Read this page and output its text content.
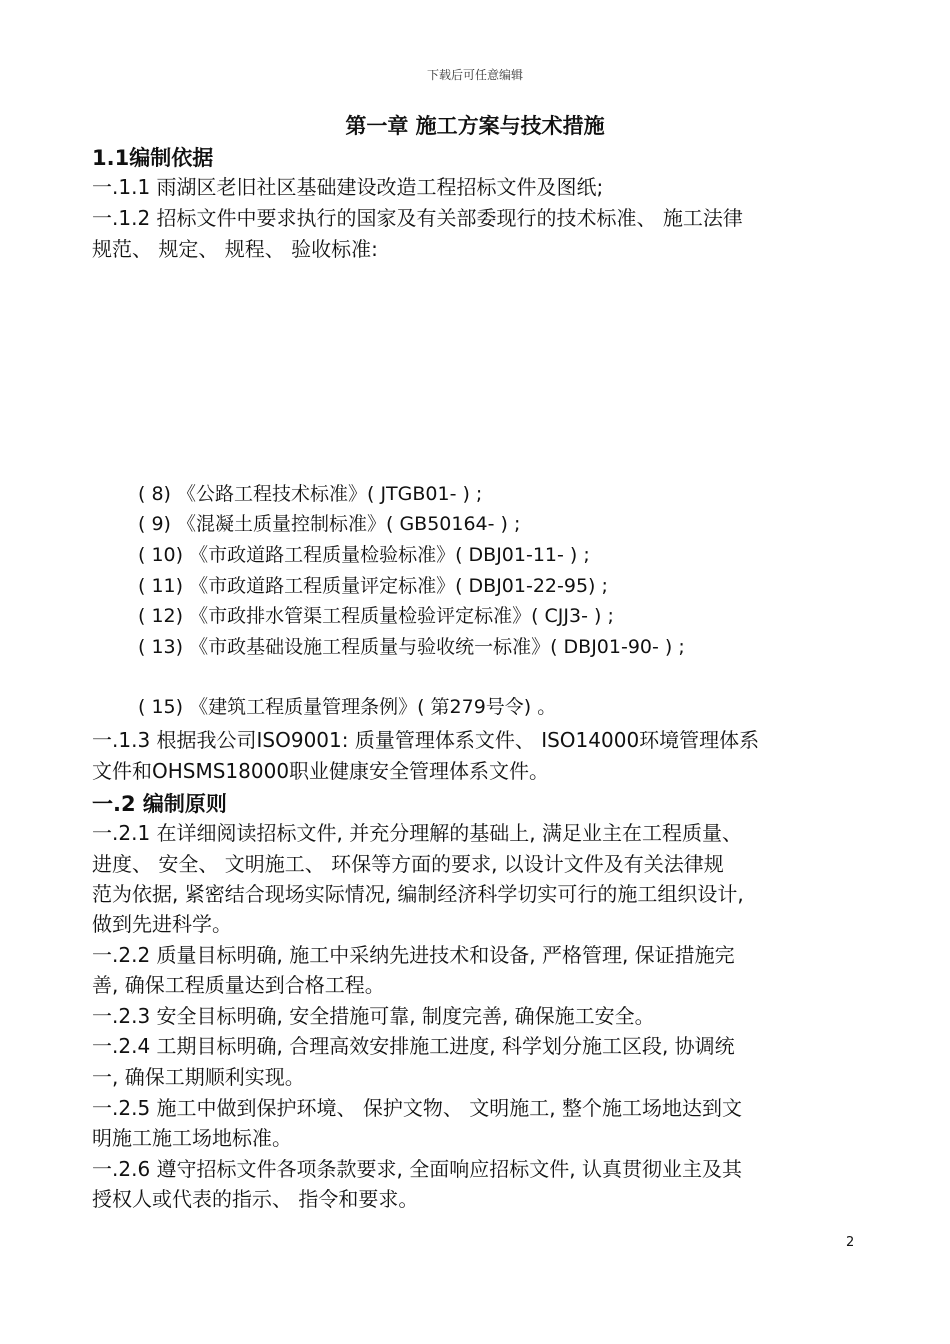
下载后可任意编辑
第一章 施工方案与技术措施
1.1编制依据
一.1.1 雨湖区老旧社区基础建设改造工程招标文件及图纸;
一.1.2 招标文件中要求执行的国家及有关部委现行的技术标准、 施工法律
规范、 规定、 规程、 验收标准:
( 8) 《公路工程技术标准》( JTGB01- ) ;
( 9) 《混凝土质量控制标准》( GB50164- ) ;
( 10) 《市政道路工程质量检验标准》( DBJ01-11- ) ;
( 11) 《市政道路工程质量评定标准》( DBJ01-22-95) ;
( 12) 《市政排水管渠工程质量检验评定标准》( CJJ3- ) ;
( 13) 《市政基础设施工程质量与验收统一标准》( DBJ01-90- ) ;
( 15) 《建筑工程质量管理条例》( 第279号令) 。
一.1.3 根据我公司ISO9001: 质量管理体系文件、 ISO14000环境管理体系
文件和OHSMS18000职业健康安全管理体系文件。
一.2 编制原则
一.2.1 在详细阅读招标文件, 并充分理解的基础上, 满足业主在工程质量、
进度、 安全、 文明施工、 环保等方面的要求, 以设计文件及有关法律规
范为依据, 紧密结合现场实际情况, 编制经济科学切实可行的施工组织设计,
做到先进科学。
一.2.2 质量目标明确, 施工中采纳先进技术和设备, 严格管理, 保证措施完
善, 确保工程质量达到合格工程。
一.2.3 安全目标明确, 安全措施可靠, 制度完善, 确保施工安全。
一.2.4 工期目标明确, 合理高效安排施工进度, 科学划分施工区段, 协调统
一, 确保工期顺利实现。
一.2.5 施工中做到保护环境、 保护文物、 文明施工, 整个施工场地达到文
明施工施工场地标准。
一.2.6 遵守招标文件各项条款要求, 全面响应招标文件, 认真贯彻业主及其
授权人或代表的指示、 指令和要求。
2
